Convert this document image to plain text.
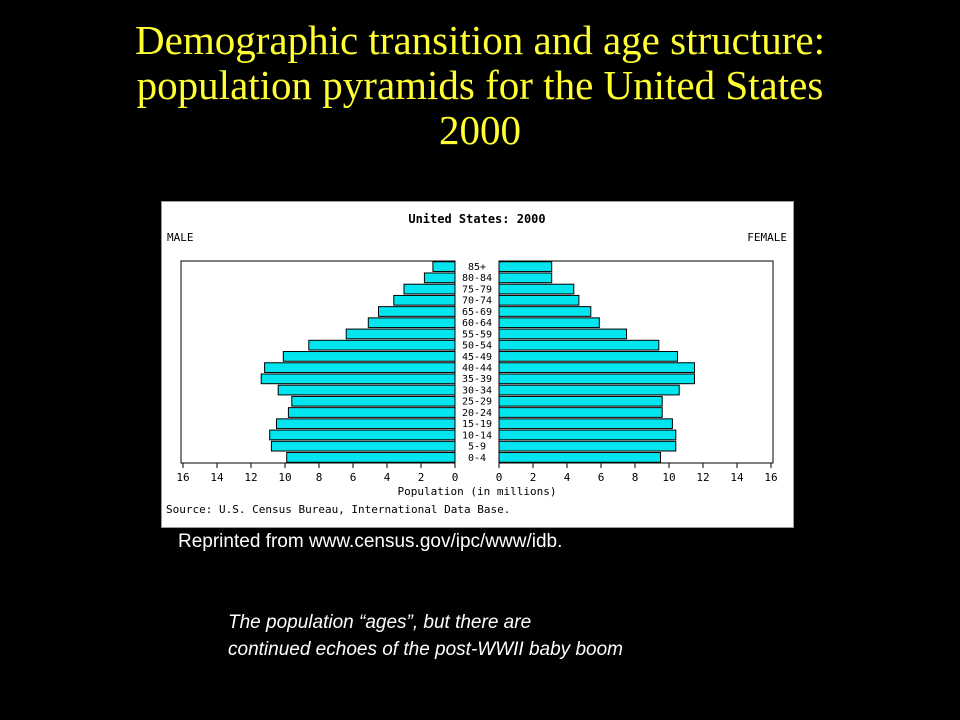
Demographic transition and age structure:
population pyramids for the United States
2000
United States: 2000
MALE	FEMALE
85+
80-84
75-79
70-74
65-69
60-64
55-59
50-54
45-49
40-44
35-39
30-34
25-29
20-24
15-19
10-14
5-9
0-4
16 14 12 10 8 6 4 2 0	0 2 4 6 8 10 12 14 16
Population (in millions)
Source: U.S. Census Bureau, International Data Base.
Reprinted from www.census.gov/ipc/www/idb.
The population “ages”, but there are
continued echoes of the post-WWII baby boom
